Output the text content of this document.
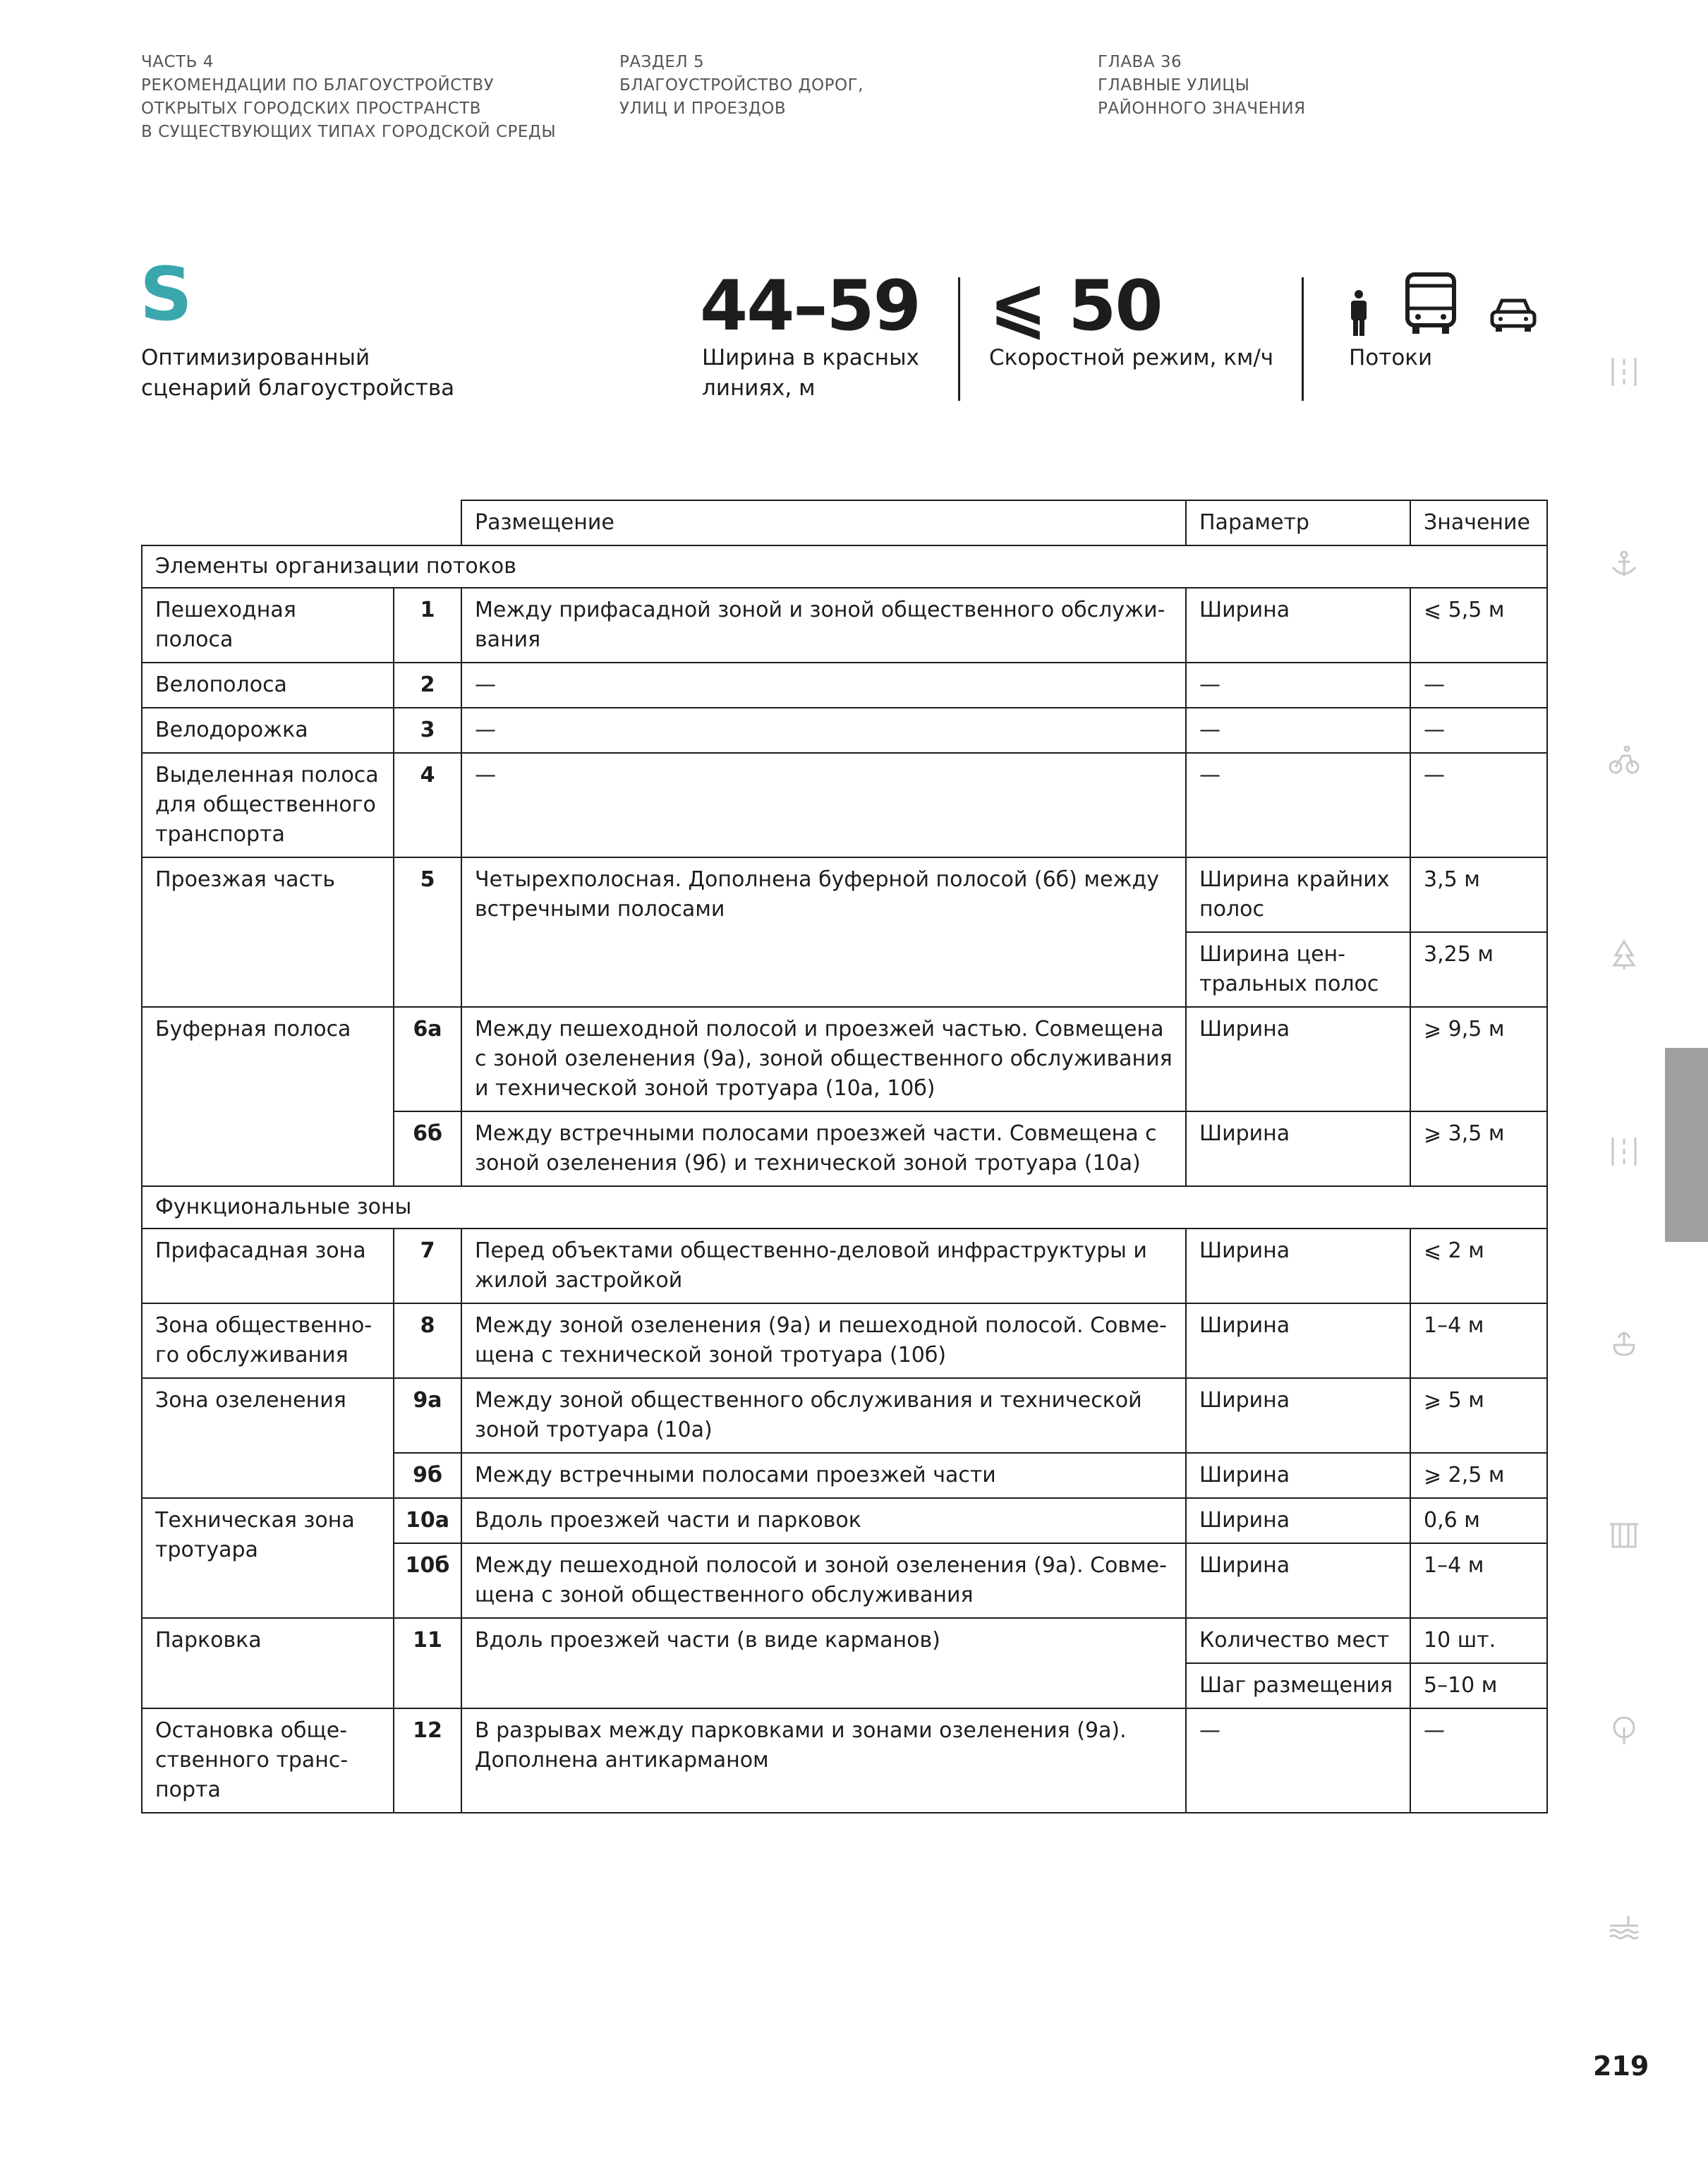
ЧАСТЬ 4
РЕКОМЕНДАЦИИ ПО БЛАГОУСТРОЙСТВУ
ОТКРЫТЫХ ГОРОДСКИХ ПРОСТРАНСТВ
В СУЩЕСТВУЮЩИХ ТИПАХ ГОРОДСКОЙ СРЕДЫ
РАЗДЕЛ 5
БЛАГОУСТРОЙСТВО ДОРОГ,
УЛИЦ И ПРОЕЗДОВ
ГЛАВА 36
ГЛАВНЫЕ УЛИЦЫ
РАЙОННОГО ЗНАЧЕНИЯ
S
Оптимизированный
сценарий благоустройства
44–59
Ширина в красных
линиях, м
⩽ 50
Скоростной режим, км/ч	Потоки
		Размещение	Параметр	Значение
Элементы организации потоков				
Пешеходная полоса	1	Между прифасадной зоной и зоной общественного обслужи-вания	Ширина	⩽ 5,5 м
Велополоса	2	—	—	—
Велодорожка	3	—	—	—
Выделенная полоса для общественного транспорта	4	—	—	—
Проезжая часть	5	Четырехполосная. Дополнена буферной полосой (6б) между встречными полосами	Ширина крайних полос	3,5 м
			Ширина цен-тральных полос	3,25 м
Буферная полоса	6а	Между пешеходной полосой и проезжей частью. Совмещена с зоной озеленения (9а), зоной общественного обслуживания и технической зоной тротуара (10а, 10б)	Ширина	⩾ 9,5 м
	6б	Между встречными полосами проезжей части. Совмещена с зоной озеленения (9б) и технической зоной тротуара (10а)	Ширина	⩾ 3,5 м
Функциональные зоны				
Прифасадная зона	7	Перед объектами общественно-деловой инфраструктуры и жилой застройкой	Ширина	⩽ 2 м
Зона общественно-го обслуживания	8	Между зоной озеленения (9а) и пешеходной полосой. Совме-щена с технической зоной тротуара (10б)	Ширина	1–4 м
Зона озеленения	9а	Между зоной общественного обслуживания и технической зоной тротуара (10а)	Ширина	⩾ 5 м
	9б	Между встречными полосами проезжей части	Ширина	⩾ 2,5 м
Техническая зона тротуара	10а	Вдоль проезжей части и парковок	Ширина	0,6 м
	10б	Между пешеходной полосой и зоной озеленения (9а). Совме-щена с зоной общественного обслуживания	Ширина	1–4 м
Парковка	11	Вдоль проезжей части (в виде карманов)	Количество мест	10 шт.
			Шаг размещения	5–10 м
Остановка обще-ственного транс-порта	12	В разрывах между парковками и зонами озеленения (9а). Дополнена антикарманом	—	—
219
